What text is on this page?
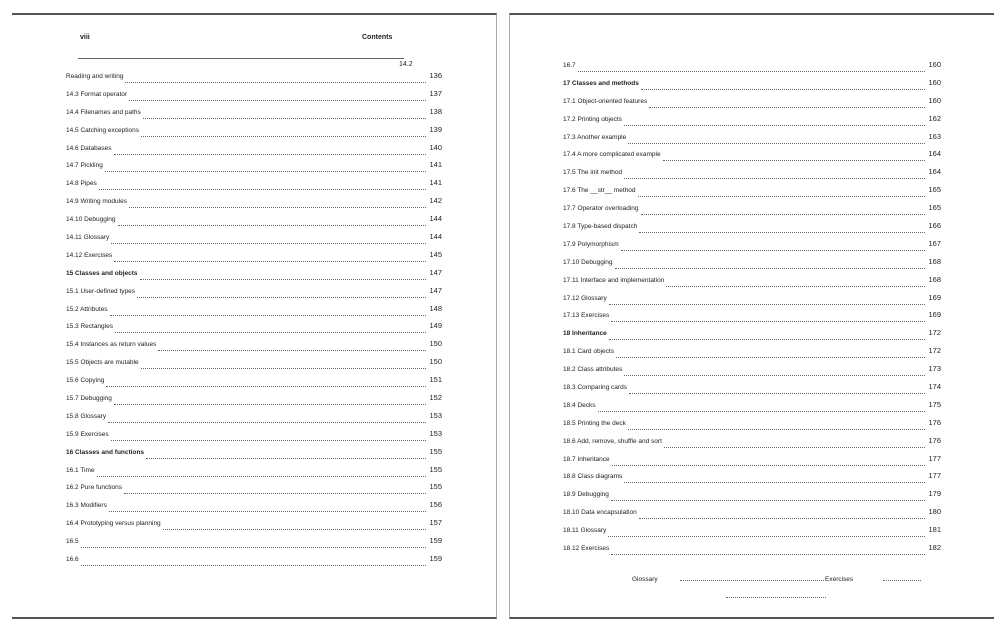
viii	Contents
14.2
Reading and writing	136
14.3 Format operator	137
14.4 Filenames and paths	138
14.5 Catching exceptions	139
14.6 Databases	140
14.7 Pickling	141
14.8 Pipes	141
14.9 Writing modules	142
14.10 Debugging	144
14.11 Glossary	144
14.12 Exercises	145
15 Classes and objects	147
15.1 User-defined types	147
15.2 Attributes	148
15.3 Rectangles	149
15.4 Instances as return values	150
15.5 Objects are mutable	150
15.6 Copying	151
15.7 Debugging	152
15.8 Glossary	153
15.9 Exercises	153
16 Classes and functions	155
16.1 Time	155
16.2 Pure functions	155
16.3 Modifiers	156
16.4 Prototyping versus planning	157
16.5	159
16.6	159
16.7	160
17 Classes and methods	160
17.1 Object-oriented features	160
17.2 Printing objects	162
17.3 Another example	163
17.4 A more complicated example	164
17.5 The init method	164
17.6 The __str__ method	165
17.7 Operator overloading	165
17.8 Type-based dispatch	166
17.9 Polymorphism	167
17.10 Debugging	168
17.11 Interface and implementation	168
17.12 Glossary	169
17.13 Exercises	169
18 Inheritance	172
18.1 Card objects	172
18.2 Class attributes	173
18.3 Comparing cards	174
18.4 Decks	175
18.5 Printing the deck	176
18.6 Add, remove, shuffle and sort	176
18.7 Inheritance	177
18.8 Class diagrams	177
18.9 Debugging	179
18.10 Data encapsulation	180
18.11 Glossary	181
18.12 Exercises	182
Glossary	Exercises
